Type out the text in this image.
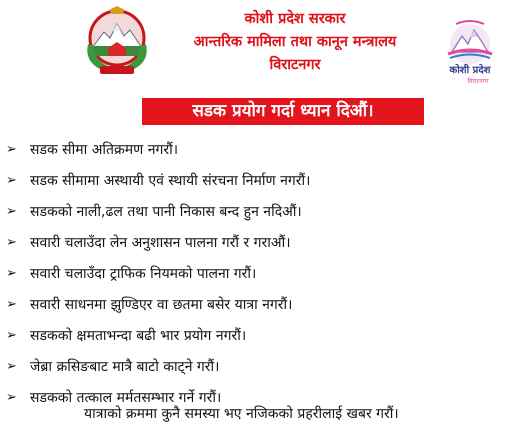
कोशी प्रदेश सरकार
आन्तरिक मामिला तथा कानून मन्त्रालय
विराटनगर	कोशी प्रदेश
विराटनगर
सडक प्रयोग गर्दा ध्यान दिऔं।
➢ सडक सीमा अतिक्रमण नगरौं।
➢ सडक सीमामा अस्थायी एवं स्थायी संरचना निर्माण नगरौं।
➢ सडकको नाली,ढल तथा पानी निकास बन्द हुन नदिऔं।
➢ सवारी चलाउँदा लेन अनुशासन पालना गरौं र गराऔं।
➢ सवारी चलाउँदा ट्राफिक नियमको पालना गरौं।
➢ सवारी साधनमा झुण्डिएर वा छतमा बसेर यात्रा नगरौं।
➢ सडकको क्षमताभन्दा बढी भार प्रयोग नगरौं।
➢ जेब्रा क्रसिङबाट मात्रै बाटो काट्ने गरौं।
➢ सडकको तत्काल मर्मतसम्भार गर्ने गरौं।
यात्राको क्रममा कुनै समस्या भए नजिकको प्रहरीलाई खबर गरौं।
